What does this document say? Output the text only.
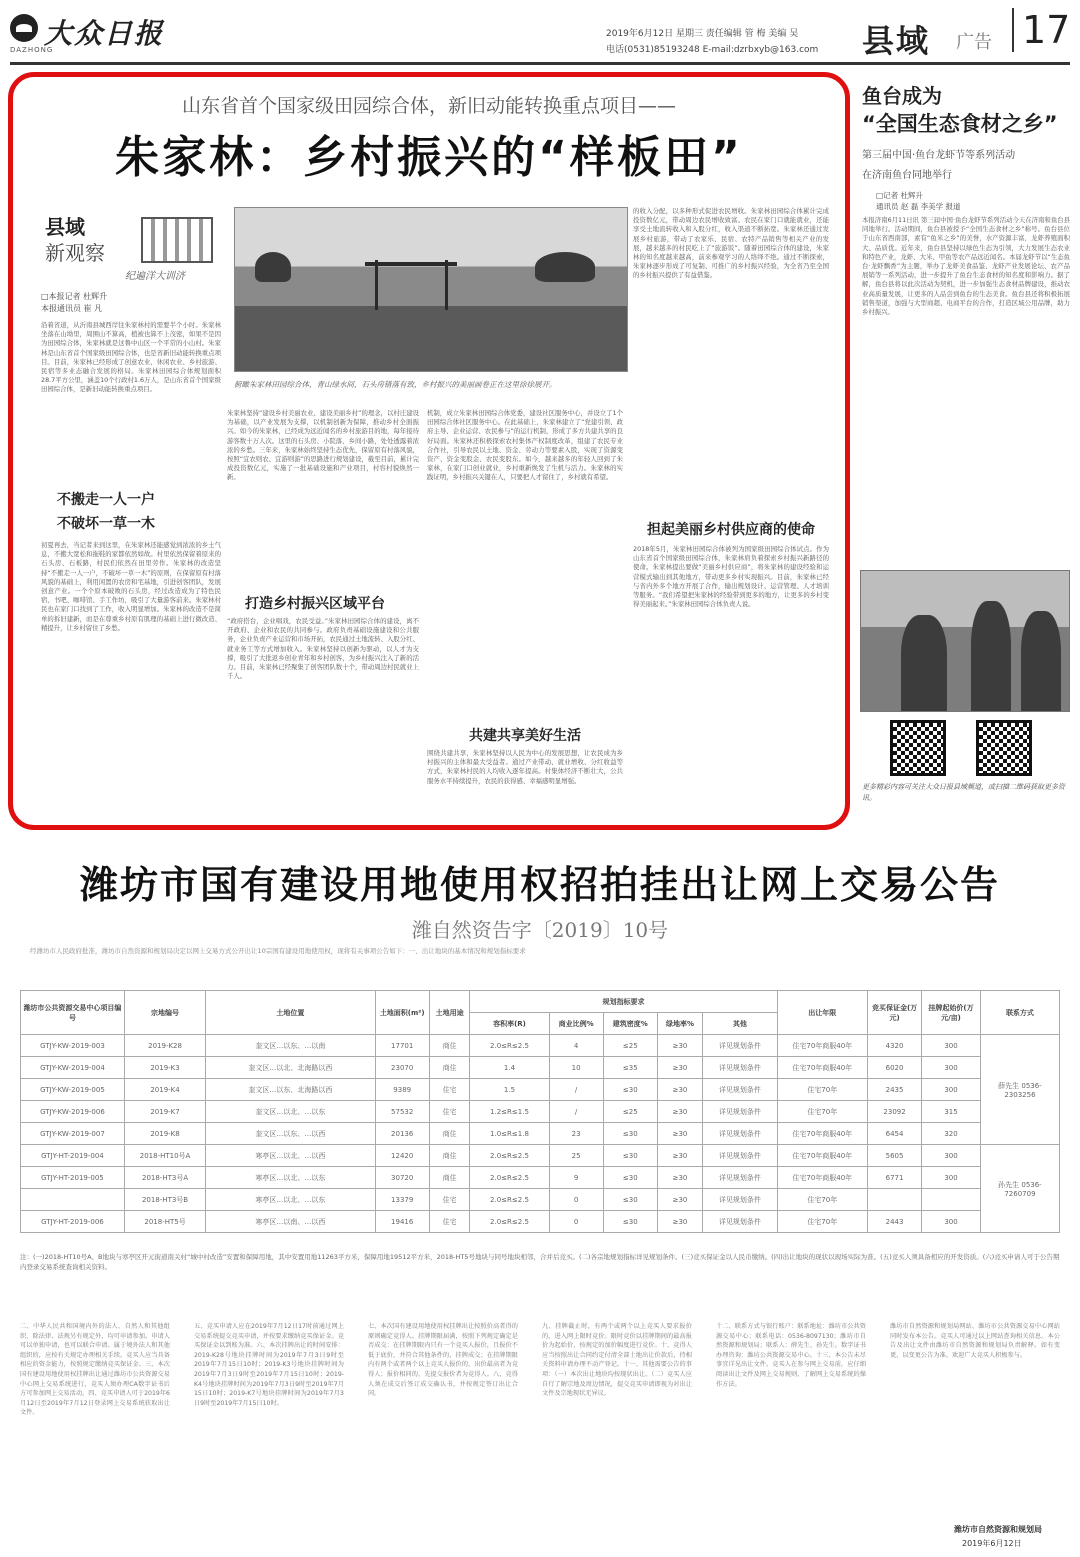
大众日报
DAZHONG
2019年6月12日 星期三 责任编辑 管 梅 美编 吴
电话(0531)85193248 E-mail:dzrbxyb@163.com 县域 广告 17
山东省首个国家级田园综合体，新旧动能转换重点项目——
朱家林：乡村振兴的“样板田”
县域
新观察
纪遍洋大训济
□本报记者 杜辉升
本报通讯员 崔 凡
沿着省道，从沂南县城西岸往朱家林村的需要半个小时。朱家林坐落在山坳里，周围山不算高，植被也算不上茂密，如果不是因为田园综合体，朱家林就是这鲁中山区一个平常的小山村。朱家林是山东省首个国家级田园综合体，也是省新旧动能转换重点项目。目前，朱家林已经形成了创意农业、休闲农业、乡村旅游、民宿等多业态融合发展的格局。朱家林田园综合体规划面积28.7平方公里，涵盖10个行政村1.6万人，是山东省首个国家级田园综合体，是新旧动能转换重点项目。
不搬走一人一户
不破坏一草一木
初夏再去，当记者来到这里，在朱家林还能感觉到浓浓的乡土气息，不搬大宽松和拖鞋的家都依然如故。村里依然保留着原来的石头房、石板路，村民们依然在田里劳作。朱家林的改造坚持“不搬走一人一户，不破坏一草一木”的原则，在保留原有村落风貌的基础上，利用闲置的农房和宅基地，引进创客团队，发展创意产业。一个个原本破败的石头房，经过改造成为了特色民宿、书吧、咖啡馆、手工作坊，吸引了大量游客前来。朱家林村民也在家门口找到了工作，收入明显增加。朱家林的改造不是简单的拆旧建新，而是在尊重乡村原有肌理的基础上进行微改造、精提升，让乡村留住了乡愁。
俯瞰朱家林田园综合体，青山绿水间，石头房错落有致，乡村振兴的美丽画卷正在这里徐徐展开。
朱家林坚持“建设乡村美丽农业、建设美丽乡村”的理念，以村庄建设为基础，以产业发展为支撑，以机制创新为保障，推动乡村全面振兴。如今的朱家林，已经成为远近闻名的乡村旅游目的地，每年接待游客数十万人次。这里的石头房、小院落、乡间小路，处处透露着浓浓的乡愁。三年来，朱家林始终坚持生态优先，保留原有村落风貌，按照“宜农则农、宜游则游”的思路进行规划建设，截至目前，累计完成投资数亿元，实施了一批基础设施和产业项目，村容村貌焕然一新。
打造乡村振兴区域平台
“政府搭台，企业唱戏，农民受益。”朱家林田园综合体的建设，离不开政府、企业和农民的共同参与。政府负责基础设施建设和公共服务，企业负责产业运营和市场开拓，农民通过土地流转、入股分红、就业务工等方式增加收入。朱家林坚持以创新为驱动，以人才为支撑，吸引了大批返乡创业青年和乡村创客，为乡村振兴注入了新的活力。目前，朱家林已经聚集了创客团队数十个，带动周边村民就业上千人。
机制，成立朱家林田园综合体党委，建设社区服务中心，并设立了1个田园综合体社区服务中心。在此基础上，朱家林建立了“党建引领、政府主导、企业运营、农民参与”的运行机制，形成了多方共建共享的良好局面。朱家林还积极探索农村集体产权制度改革，组建了农民专业合作社，引导农民以土地、资金、劳动力等要素入股，实现了资源变资产、资金变股金、农民变股东。如今，越来越多的年轻人回到了朱家林，在家门口创业就业，乡村重新焕发了生机与活力。朱家林的实践证明，乡村振兴关键在人，只要把人才留住了，乡村就有希望。
共建共享美好生活
围绕共建共享，朱家林坚持以人民为中心的发展思想，让农民成为乡村振兴的主体和最大受益者。通过产业带动、就业增收、分红收益等方式，朱家林村民的人均收入逐年提高。村集体经济不断壮大，公共服务水平持续提升，农民的获得感、幸福感明显增强。
的收入分配，以多种形式促进农民增收。朱家林田园综合体累计完成投资数亿元，带动周边农民增收致富。农民在家门口就能就业，还能享受土地流转收入和入股分红，收入渠道不断拓宽。朱家林还通过发展乡村旅游，带动了农家乐、民宿、农特产品销售等相关产业的发展，越来越多的村民吃上了“旅游饭”。随着田园综合体的建设，朱家林的知名度越来越高，前来参观学习的人络绎不绝。通过不断探索，朱家林逐步形成了可复制、可推广的乡村振兴经验，为全省乃至全国的乡村振兴提供了有益借鉴。
担起美丽乡村供应商的使命
2018年5月，朱家林田园综合体被列为国家级田园综合体试点。作为山东省首个国家级田园综合体，朱家林肩负着探索乡村振兴新路径的使命。朱家林提出要做“美丽乡村供应商”，将朱家林的建设经验和运营模式输出到其他地方，带动更多乡村实现振兴。目前，朱家林已经与省内外多个地方开展了合作，输出规划设计、运营管理、人才培训等服务。“我们希望把朱家林的经验带到更多的地方，让更多的乡村变得美丽起来。”朱家林田园综合体负责人说。
鱼台成为
“全国生态食材之乡”
第三届中国·鱼台龙虾节等系列活动
在济南鱼台同地举行
□记者 杜辉升
通讯员 赵 磊 李美学 报道
本报济南6月11日讯 第三届中国·鱼台龙虾节系列活动今天在济南和鱼台县同地举行。活动期间，鱼台县被授予“全国生态食材之乡”称号。鱼台县位于山东省西南部，素有“鱼米之乡”的美誉，水产资源丰富，龙虾养殖面积大、品质优。近年来，鱼台县坚持以绿色生态为引领，大力发展生态农业和特色产业，龙虾、大米、甲鱼等农产品远近闻名。本届龙虾节以“生态鱼台·龙虾飘香”为主题，举办了龙虾美食品鉴、龙虾产业发展论坛、农产品展销等一系列活动，进一步提升了鱼台生态食材的知名度和影响力。据了解，鱼台县将以此次活动为契机，进一步加强生态食材品牌建设，推动农业高质量发展，让更多的人品尝到鱼台的生态美食。鱼台县还将积极拓展销售渠道，加强与大型商超、电商平台的合作，打造区域公用品牌，助力乡村振兴。
更多精彩内容可关注大众日报县域频道，或扫描二维码获取更多资讯。
潍坊市国有建设用地使用权招拍挂出让网上交易公告
潍自然资告字〔2019〕10号
经潍坊市人民政府批准，潍坊市自然资源和规划局决定以网上交易方式公开出让10宗国有建设用地使用权，现将有关事项公告如下：一、出让地块的基本情况和规划指标要求
潍坊市公共资源交易中心项目编号	宗地编号	土地位置	土地面积(m²)	土地用途	规划指标要求					出让年限	竞买保证金(万元)	挂牌起始价(万元/亩)	联系方式
					容积率(R)	商业比例%	建筑密度%	绿地率%	其他				
GTJY-KW-2019-003	2019-K28	奎文区…以东、…以南	17701	商住	2.0≤R≤2.5	4	≤25	≥30	详见规划条件	住宅70年商服40年	4320	300	薛先生 0536-2303256
GTJY-KW-2019-004	2019-K3	奎文区…以北、北海路以西	23070	商住	1.4	10	≤35	≥30	详见规划条件	住宅70年商服40年	6020	300	
GTJY-KW-2019-005	2019-K4	奎文区…以东、北海路以西	9389	住宅	1.5	/	≤30	≥30	详见规划条件	住宅70年	2435	300	
GTJY-KW-2019-006	2019-K7	奎文区…以北、…以东	57532	住宅	1.2≤R≤1.5	/	≤25	≥30	详见规划条件	住宅70年	23092	315	
GTJY-KW-2019-007	2019-K8	奎文区…以东、…以西	20136	商住	1.0≤R≤1.8	23	≤30	≥30	详见规划条件	住宅70年商服40年	6454	320	
GTJY-HT-2019-004	2018-HT10号A	寒亭区…以北、…以西	12420	商住	2.0≤R≤2.5	25	≤30	≥30	详见规划条件	住宅70年商服40年	5605	300	孙先生 0536-7260709
GTJY-HT-2019-005	2018-HT3号A	寒亭区…以北、…以东	30720	商住	2.0≤R≤2.5	9	≤30	≥30	详见规划条件	住宅70年商服40年	6771	300	
	2018-HT3号B	寒亭区…以北、…以东	13379	住宅	2.0≤R≤2.5	0	≤30	≥30	详见规划条件	住宅70年			
GTJY-HT-2019-006	2018-HT5号	寒亭区…以南、…以西	19416	住宅	2.0≤R≤2.5	0	≤30	≥30	详见规划条件	住宅70年	2443	300	
注：(一)2018-HT10号A、B地块与寒亭区开元街道南关村“城中村改造”安置和保障用地，其中安置用地11263平方米，保障用地19512平方米，2018-HT5号地块与同号地块相邻，合并后竞买。(二)各宗地规划指标详见规划条件。(三)竞买保证金以人民币缴纳。(四)出让地块的现状以现场实际为准。(五)竞买人须具备相应的开发资质。(六)竞买申请人可于公告期内登录交易系统查询相关资料。
二、中华人民共和国境内外的法人、自然人和其他组织，除法律、法规另有规定外，均可申请参加。申请人可以单独申请，也可以联合申请。属于境外法人和其他组织的，应按有关规定办理相关手续。竞买人应当具备相应的资金能力，按照规定缴纳竞买保证金。三、本次国有建设用地使用权挂牌出让通过潍坊市公共资源交易中心网上交易系统进行，竞买人须办理CA数字证书后方可参加网上交易活动。四、竞买申请人可于2019年6月12日至2019年7月12日登录网上交易系统获取出让文件。
五、竞买申请人应在2019年7月12日17时前通过网上交易系统提交竞买申请，并按要求缴纳竞买保证金。竞买保证金以到账为准。六、本次挂牌出让的时间安排：2019-K28号地块挂牌时间为2019年7月3日9时至2019年7月15日10时；2019-K3号地块挂牌时间为2019年7月3日9时至2019年7月15日10时；2019-K4号地块挂牌时间为2019年7月3日9时至2019年7月15日10时；2019-K7号地块挂牌时间为2019年7月3日9时至2019年7月15日10时。
七、本次国有建设用地使用权挂牌出让按照价高者得的原则确定竞得人。挂牌期限届满，按照下列规定确定是否成交：在挂牌期限内只有一个竞买人报价，且报价不低于底价，并符合其他条件的，挂牌成交；在挂牌期限内有两个或者两个以上竞买人报价的，出价最高者为竞得人；报价相同的，先提交报价者为竞得人。八、竞得人须在成交后签订成交确认书，并按规定签订出让合同。
九、挂牌截止时，有两个或两个以上竞买人要求报价的，进入网上限时竞价。限时竞价以挂牌期间的最高报价为起始价，按规定的加价幅度进行竞价。十、竞得人应当按照出让合同约定付清全部土地出让价款后，持相关资料申请办理不动产登记。十一、其他需要公告的事项：（一）本次出让地块均按现状出让。（二）竞买人应自行了解宗地及周边情况，提交竞买申请即视为对出让文件及宗地现状无异议。
十二、联系方式与银行账户：联系地址：潍坊市公共资源交易中心；联系电话：0536-8097130；潍坊市自然资源和规划局；联系人：薛先生、孙先生。数字证书办理咨询：潍坊公共资源交易中心。十三、本公告未尽事宜详见出让文件。竞买人在参与网上交易前，应仔细阅读出让文件及网上交易规则，了解网上交易系统的操作方法。
潍坊市自然资源和规划局网站、潍坊市公共资源交易中心网站同时发布本公告。竞买人可通过以上网站查询相关信息。本公告及出让文件由潍坊市自然资源和规划局负责解释。如有变更，以变更公告为准。欢迎广大竞买人积极参与。
潍坊市自然资源和规划局
2019年6月12日
